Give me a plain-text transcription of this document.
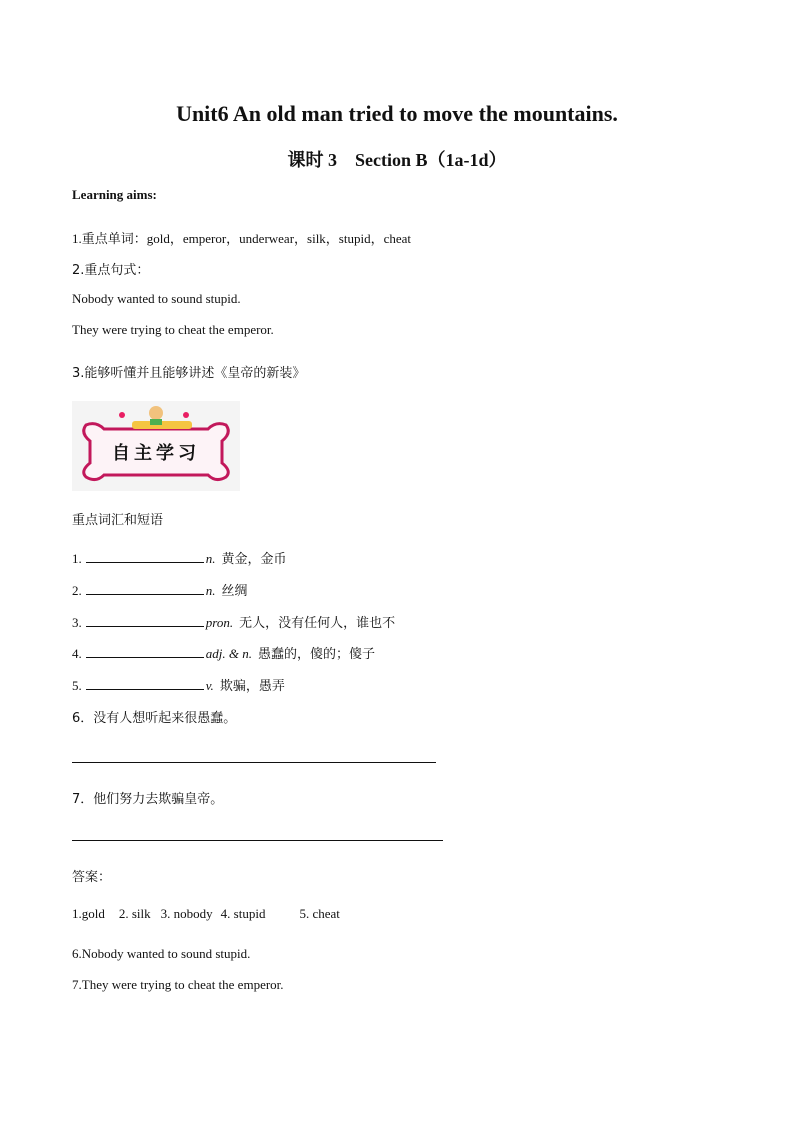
Unit6 An old man tried to move the mountains.
课时 3　Section B（1a-1d）
Learning aims:
1.重点单词：gold，emperor，underwear，silk，stupid，cheat
2.重点句式：
Nobody wanted to sound stupid.
They were trying to cheat the emperor.
3.能够听懂并且能够讲述《皇帝的新装》
自主学习
重点词汇和短语
1.	n. 黄金，金币
2.	n. 丝绸
3.	pron. 无人，没有任何人，谁也不
4.	adj. & n. 愚蠢的，傻的；傻子
5.	v. 欺骗，愚弄
6．没有人想听起来很愚蠢。
7．他们努力去欺骗皇帝。
答案：
1.gold 2. silk 3. nobody 4. stupid	5. cheat
6.Nobody wanted to sound stupid.
7.They were trying to cheat the emperor.
